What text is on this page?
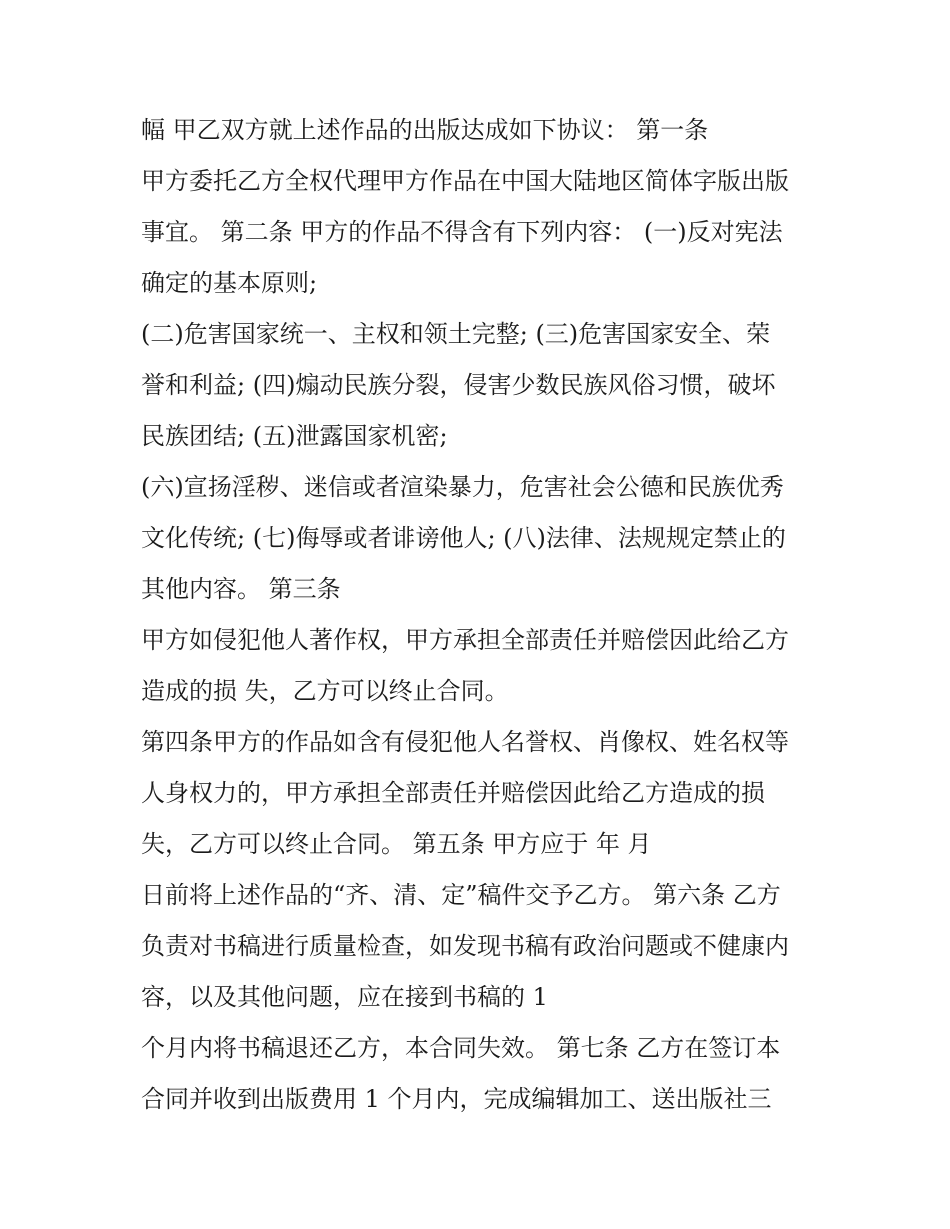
幅 甲乙双方就上述作品的出版达成如下协议： 第一条
甲方委托乙方全权代理甲方作品在中国大陆地区简体字版出版
事宜。 第二条 甲方的作品不得含有下列内容： (一)反对宪法
确定的基本原则;
(二)危害国家统一、主权和领土完整; (三)危害国家安全、荣
誉和利益; (四)煽动民族分裂，侵害少数民族风俗习惯，破坏
民族团结; (五)泄露国家机密;
(六)宣扬淫秽、迷信或者渲染暴力，危害社会公德和民族优秀
文化传统; (七)侮辱或者诽谤他人; (八)法律、法规规定禁止的
其他内容。 第三条
甲方如侵犯他人著作权，甲方承担全部责任并赔偿因此给乙方
造成的损 失，乙方可以终止合同。
第四条甲方的作品如含有侵犯他人名誉权、肖像权、姓名权等
人身权力的，甲方承担全部责任并赔偿因此给乙方造成的损
失，乙方可以终止合同。 第五条 甲方应于 年 月
日前将上述作品的“齐、清、定”稿件交予乙方。 第六条 乙方
负责对书稿进行质量检查，如发现书稿有政治问题或不健康内
容，以及其他问题，应在接到书稿的 1
个月内将书稿退还乙方，本合同失效。 第七条 乙方在签订本
合同并收到出版费用 1 个月内，完成编辑加工、送出版社三
